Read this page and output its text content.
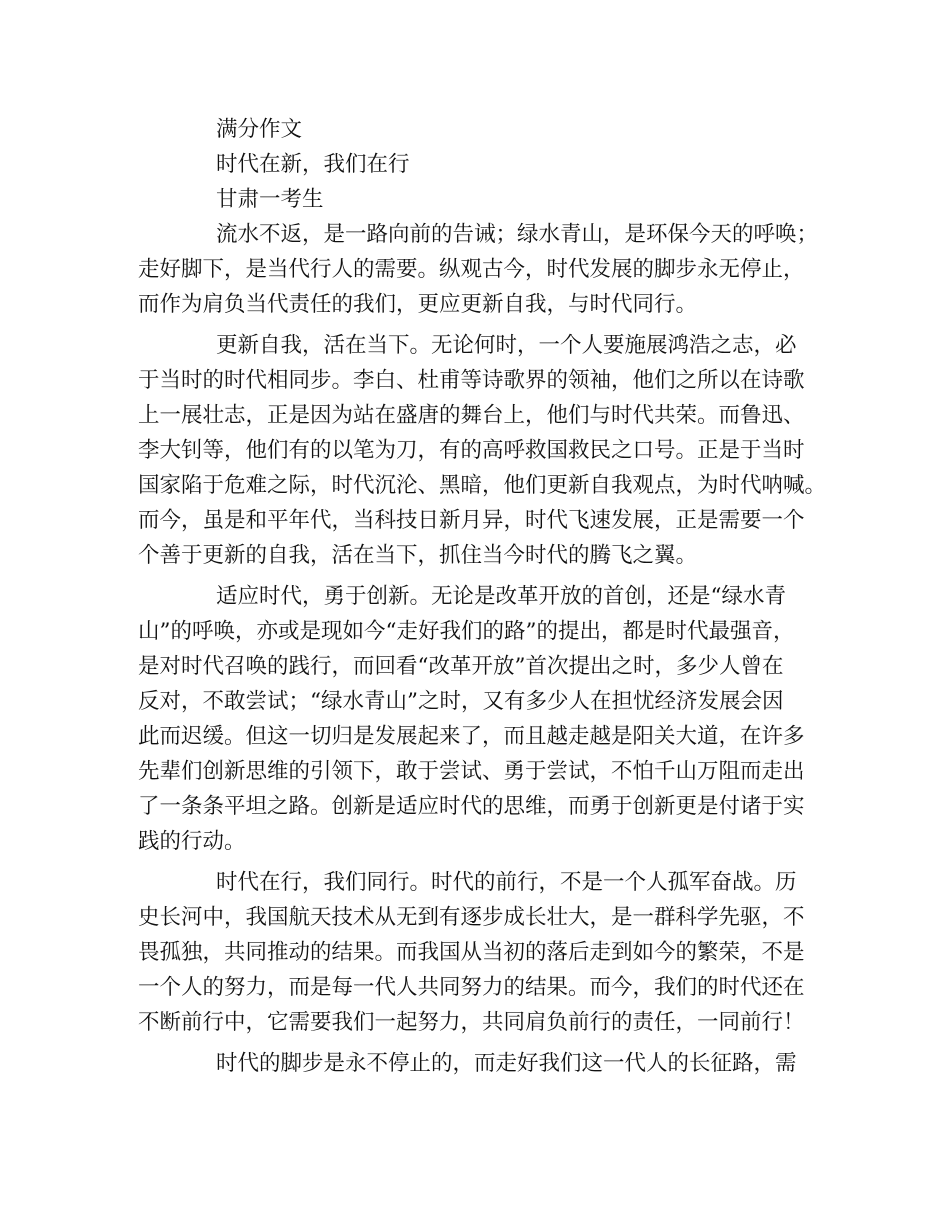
满分作文

时代在新，我们在行

甘肃一考生

流水不返，是一路向前的告诫；绿水青山，是环保今天的呼唤；
走好脚下，是当代行人的需要。纵观古今，时代发展的脚步永无停止，
而作为肩负当代责任的我们，更应更新自我，与时代同行。
更新自我，活在当下。无论何时，一个人要施展鸿浩之志，必
于当时的时代相同步。李白、杜甫等诗歌界的领袖，他们之所以在诗歌
上一展壮志，正是因为站在盛唐的舞台上，他们与时代共荣。而鲁迅、
李大钊等，他们有的以笔为刀，有的高呼救国救民之口号。正是于当时
国家陷于危难之际，时代沉沦、黑暗，他们更新自我观点，为时代呐喊。
而今，虽是和平年代，当科技日新月异，时代飞速发展，正是需要一个
个善于更新的自我，活在当下，抓住当今时代的腾飞之翼。
适应时代，勇于创新。无论是改革开放的首创，还是“绿水青
山”的呼唤，亦或是现如今“走好我们的路”的提出，都是时代最强音，
是对时代召唤的践行，而回看“改革开放”首次提出之时，多少人曾在
反对，不敢尝试；“绿水青山”之时，又有多少人在担忧经济发展会因
此而迟缓。但这一切归是发展起来了，而且越走越是阳关大道，在许多
先辈们创新思维的引领下，敢于尝试、勇于尝试，不怕千山万阻而走出
了一条条平坦之路。创新是适应时代的思维，而勇于创新更是付诸于实
践的行动。
时代在行，我们同行。时代的前行，不是一个人孤军奋战。历
史长河中，我国航天技术从无到有逐步成长壮大，是一群科学先驱，不
畏孤独，共同推动的结果。而我国从当初的落后走到如今的繁荣，不是
一个人的努力，而是每一代人共同努力的结果。而今，我们的时代还在
不断前行中，它需要我们一起努力，共同肩负前行的责任，一同前行！
时代的脚步是永不停止的，而走好我们这一代人的长征路，需
